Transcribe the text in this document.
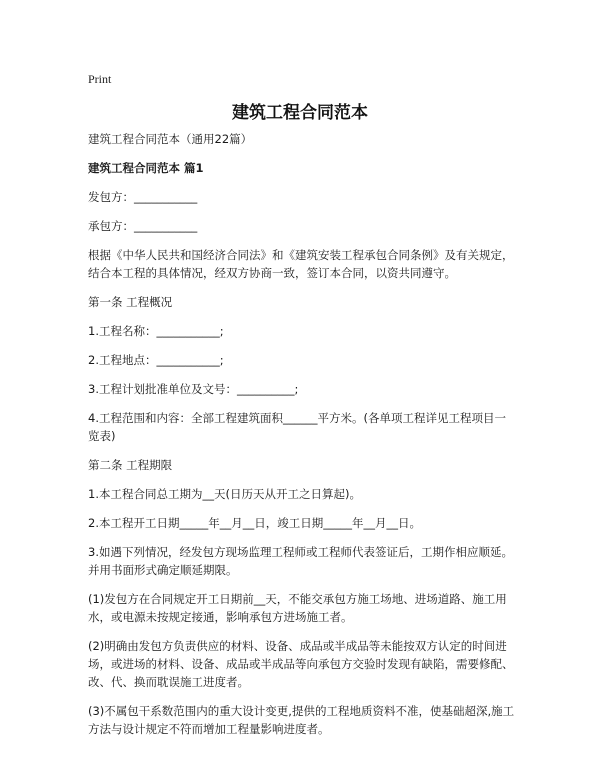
Print
建筑工程合同范本

建筑工程合同范本（通用22篇）

建筑工程合同范本 篇1

发包方：___________

承包方：___________

根据《中华人民共和国经济合同法》和《建筑安装工程承包合同条例》及有关规定，结合本工程的具体情况，经双方协商一致，签订本合同，以资共同遵守。

第一条 工程概况

1.工程名称：___________;

2.工程地点：___________;

3.工程计划批准单位及文号：__________;

4.工程范围和内容：全部工程建筑面积______平方米。(各单项工程详见工程项目一览表)

第二条 工程期限

1.本工程合同总工期为__天(日历天从开工之日算起)。

2.本工程开工日期_____年__月__日，竣工日期_____年__月__日。

3.如遇下列情况，经发包方现场监理工程师或工程师代表签证后，工期作相应顺延。并用书面形式确定顺延期限。

(1)发包方在合同规定开工日期前__天，不能交承包方施工场地、进场道路、施工用水，或电源未按规定接通，影响承包方进场施工者。

(2)明确由发包方负责供应的材料、设备、成品或半成品等未能按双方认定的时间进场，或进场的材料、设备、成品或半成品等向承包方交验时发现有缺陷，需要修配、改、代、换而耽误施工进度者。

(3)不属包干系数范围内的重大设计变更,提供的工程地质资料不准，使基础超深,施工方法与设计规定不符而增加工程量影响进度者。
